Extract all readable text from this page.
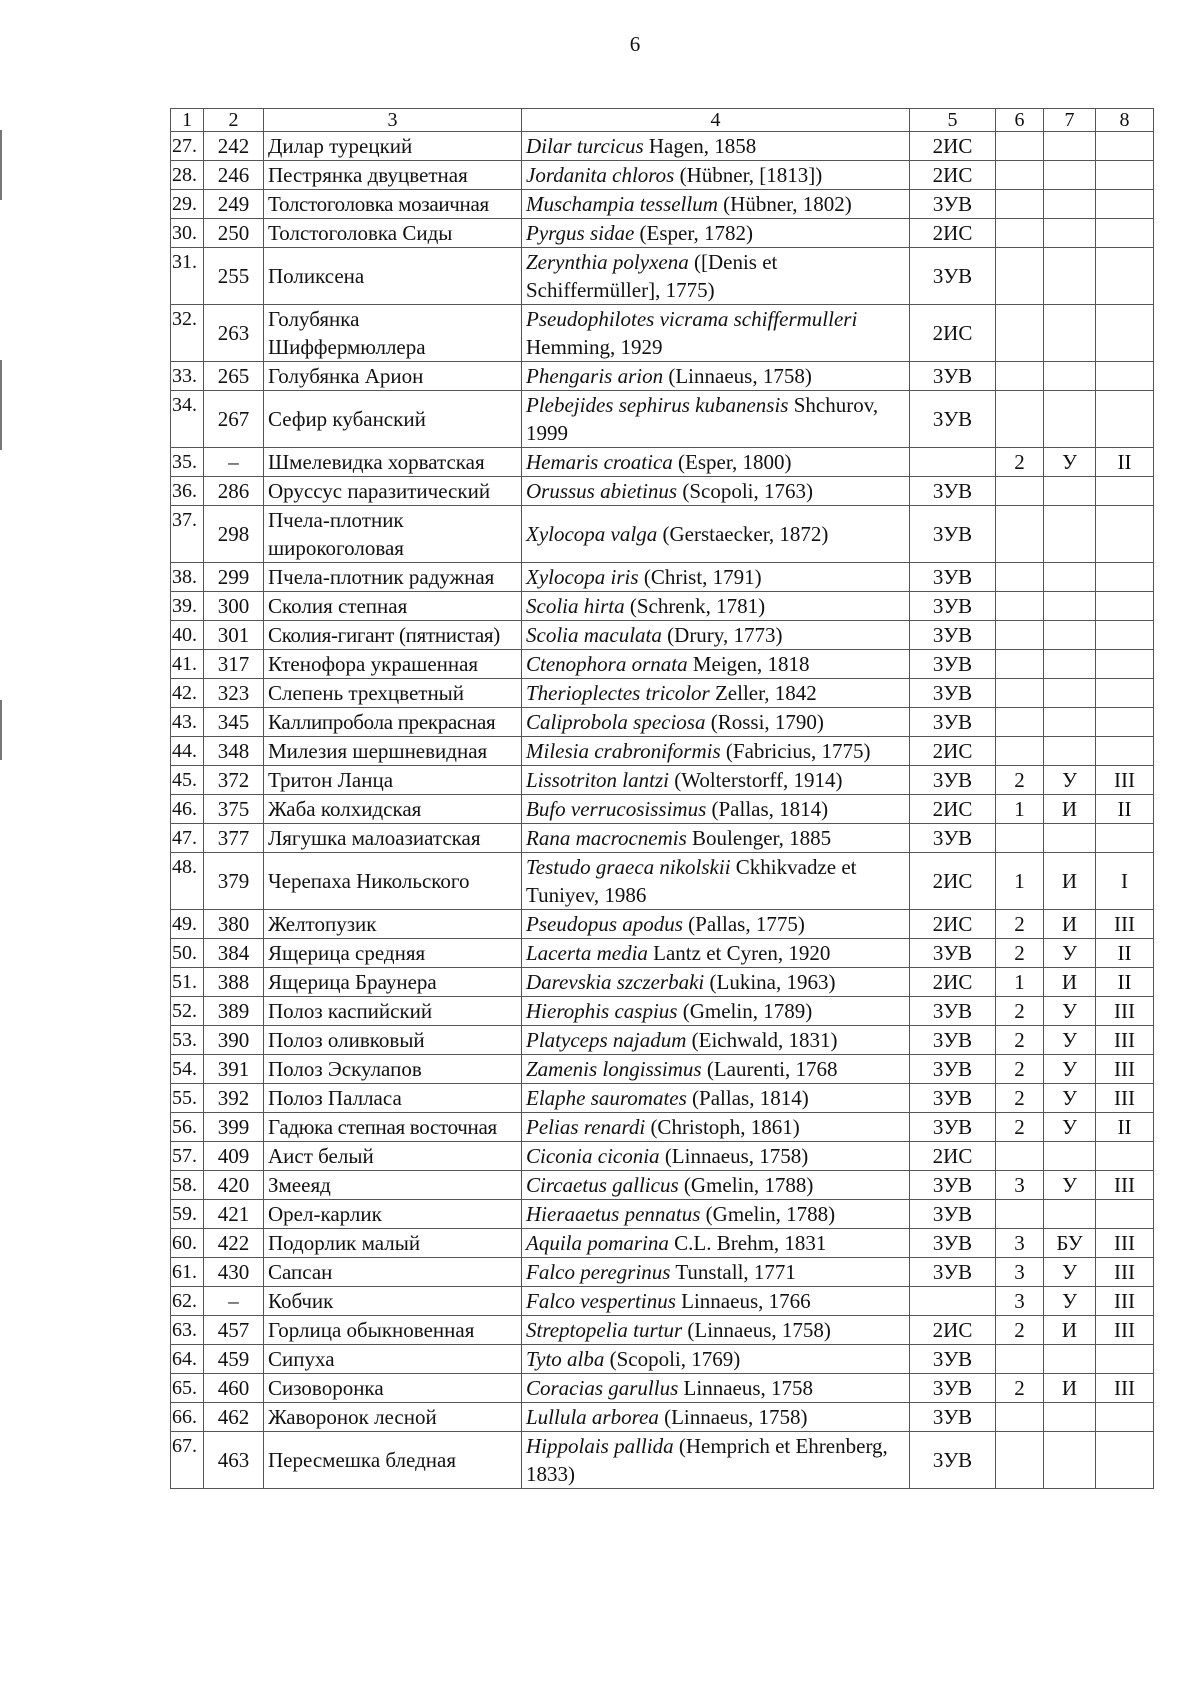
6
1	2	3	4	5	6	7	8
27.	242	Дилар турецкий	Dilar turcicus Hagen, 1858	2ИС			
28.	246	Пестрянка двуцветная	Jordanita chloros (Hübner, [1813])	2ИС			
29.	249	Толстоголовка мозаичная	Muschampia tessellum (Hübner, 1802)	3УВ			
30.	250	Толстоголовка Сиды	Pyrgus sidae (Esper, 1782)	2ИС			
31.	255	Поликсена	Zerynthia polyxena ([Denis et Schiffermüller], 1775)	3УВ			
32.	263	Голубянка Шиффермюллера	Pseudophilotes vicrama schiffermulleri Hemming, 1929	2ИС			
33.	265	Голубянка Арион	Phengaris arion (Linnaeus, 1758)	3УВ			
34.	267	Сефир кубанский	Plebejides sephirus kubanensis Shchurov, 1999	3УВ			
35.	–	Шмелевидка хорватская	Hemaris croatica (Esper, 1800)		2	У	II
36.	286	Оруссус паразитический	Orussus abietinus (Scopoli, 1763)	3УВ			
37.	298	Пчела-плотник широкоголовая	Xylocopa valga (Gerstaecker, 1872)	3УВ			
38.	299	Пчела-плотник радужная	Xylocopa iris (Christ, 1791)	3УВ			
39.	300	Сколия степная	Scolia hirta (Schrenk, 1781)	3УВ			
40.	301	Сколия-гигант (пятнистая)	Scolia maculata (Drury, 1773)	3УВ			
41.	317	Ктенофора украшенная	Ctenophora ornata Meigen, 1818	3УВ			
42.	323	Слепень трехцветный	Therioplectes tricolor Zeller, 1842	3УВ			
43.	345	Каллипробола прекрасная	Caliprobola speciosa (Rossi, 1790)	3УВ			
44.	348	Милезия шершневидная	Milesia crabroniformis (Fabricius, 1775)	2ИС			
45.	372	Тритон Ланца	Lissotriton lantzi (Wolterstorff, 1914)	3УВ	2	У	III
46.	375	Жаба колхидская	Bufo verrucosissimus (Pallas, 1814)	2ИС	1	И	II
47.	377	Лягушка малоазиатская	Rana macrocnemis Boulenger, 1885	3УВ			
48.	379	Черепаха Никольского	Testudo graeca nikolskii Ckhikvadze et Tuniyev, 1986	2ИС	1	И	I
49.	380	Желтопузик	Pseudopus apodus (Pallas, 1775)	2ИС	2	И	III
50.	384	Ящерица средняя	Lacerta media Lantz et Cyren, 1920	3УВ	2	У	II
51.	388	Ящерица Браунера	Darevskia szczerbaki (Lukina, 1963)	2ИС	1	И	II
52.	389	Полоз каспийский	Hierophis caspius (Gmelin, 1789)	3УВ	2	У	III
53.	390	Полоз оливковый	Platyceps najadum (Eichwald, 1831)	3УВ	2	У	III
54.	391	Полоз Эскулапов	Zamenis longissimus (Laurenti, 1768	3УВ	2	У	III
55.	392	Полоз Палласа	Elaphe sauromates (Pallas, 1814)	3УВ	2	У	III
56.	399	Гадюка степная восточная	Pelias renardi (Christoph, 1861)	3УВ	2	У	II
57.	409	Аист белый	Ciconia ciconia (Linnaeus, 1758)	2ИС			
58.	420	Змееяд	Circaetus gallicus (Gmelin, 1788)	3УВ	3	У	III
59.	421	Орел-карлик	Hieraaetus pennatus (Gmelin, 1788)	3УВ			
60.	422	Подорлик малый	Aquila pomarina C.L. Brehm, 1831	3УВ	3	БУ	III
61.	430	Сапсан	Falco peregrinus Tunstall, 1771	3УВ	3	У	III
62.	–	Кобчик	Falco vespertinus Linnaeus, 1766		3	У	III
63.	457	Горлица обыкновенная	Streptopelia turtur (Linnaeus, 1758)	2ИС	2	И	III
64.	459	Сипуха	Tyto alba (Scopoli, 1769)	3УВ			
65.	460	Сизоворонка	Coracias garullus Linnaeus, 1758	3УВ	2	И	III
66.	462	Жаворонок лесной	Lullula arborea (Linnaeus, 1758)	3УВ			
67.	463	Пересмешка бледная	Hippolais pallida (Hemprich et Ehrenberg, 1833)	3УВ			
